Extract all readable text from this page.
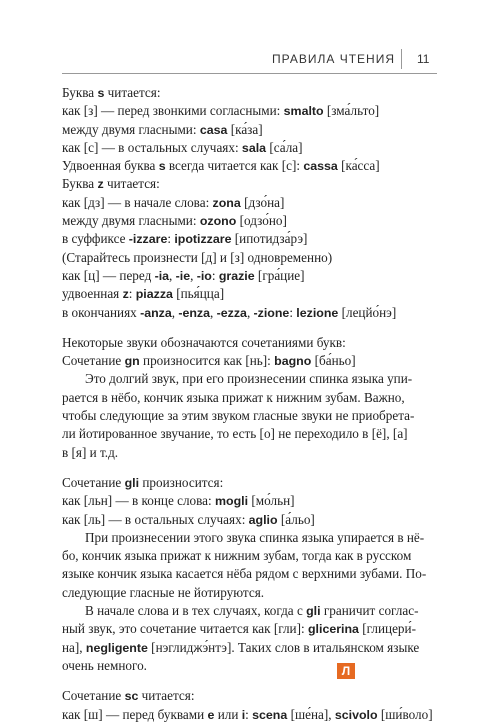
ПРАВИЛА ЧТЕНИЯ 11
Буква s читается:
как [з] — перед звонкими согласными: smalto [зма́льто]
между двумя гласными: casa [ка́за]
как [с] — в остальных случаях: sala [са́ла]
Удвоенная буква s всегда читается как [с]: cassa [ка́сса]
Буква z читается:
как [дз] — в начале слова: zona [дзо́на]
между двумя гласными: ozono [одзо́но]
в суффиксе -izzare: ipotizzare [ипотидза́рэ]
(Старайтесь произнести [д] и [з] одновременно)
как [ц] — перед -ia, -ie, -io: grazie [гра́цие]
удвоенная z: piazza [пья́цца]
в окончаниях -anza, -enza, -ezza, -zione: lezione [лецйо́нэ]
Некоторые звуки обозначаются сочетаниями букв:
Сочетание gn произносится как [нь]: bagno [ба́ньо]
Это долгий звук, при его произнесении спинка языка упи-
рается в нёбо, кончик языка прижат к нижним зубам. Важно,
чтобы следующие за этим звуком гласные звуки не приобрета-
ли йотированное звучание, то есть [о] не переходило в [ё], [а]
в [я] и т.д.
Сочетание gli произносится:
как [льн] — в конце слова: mogli [мо́льн]
как [ль] — в остальных случаях: aglio [а́льо]
При произнесении этого звука спинка языка упирается в нё-
бо, кончик языка прижат к нижним зубам, тогда как в русском
языке кончик языка касается нёба рядом с верхними зубами. По-
следующие гласные не йотируются.
В начале слова и в тех случаях, когда с gli граничит соглас-
ный звук, это сочетание читается как [гли]: glicerina [глицери́-
на], negligente [нэглиджэ́нтэ]. Таких слов в итальянском языке
очень немного.
Сочетание sc читается:
как [ш] — перед буквами e или i: scena [ше́на], scivolo [ши́воло]
Л
